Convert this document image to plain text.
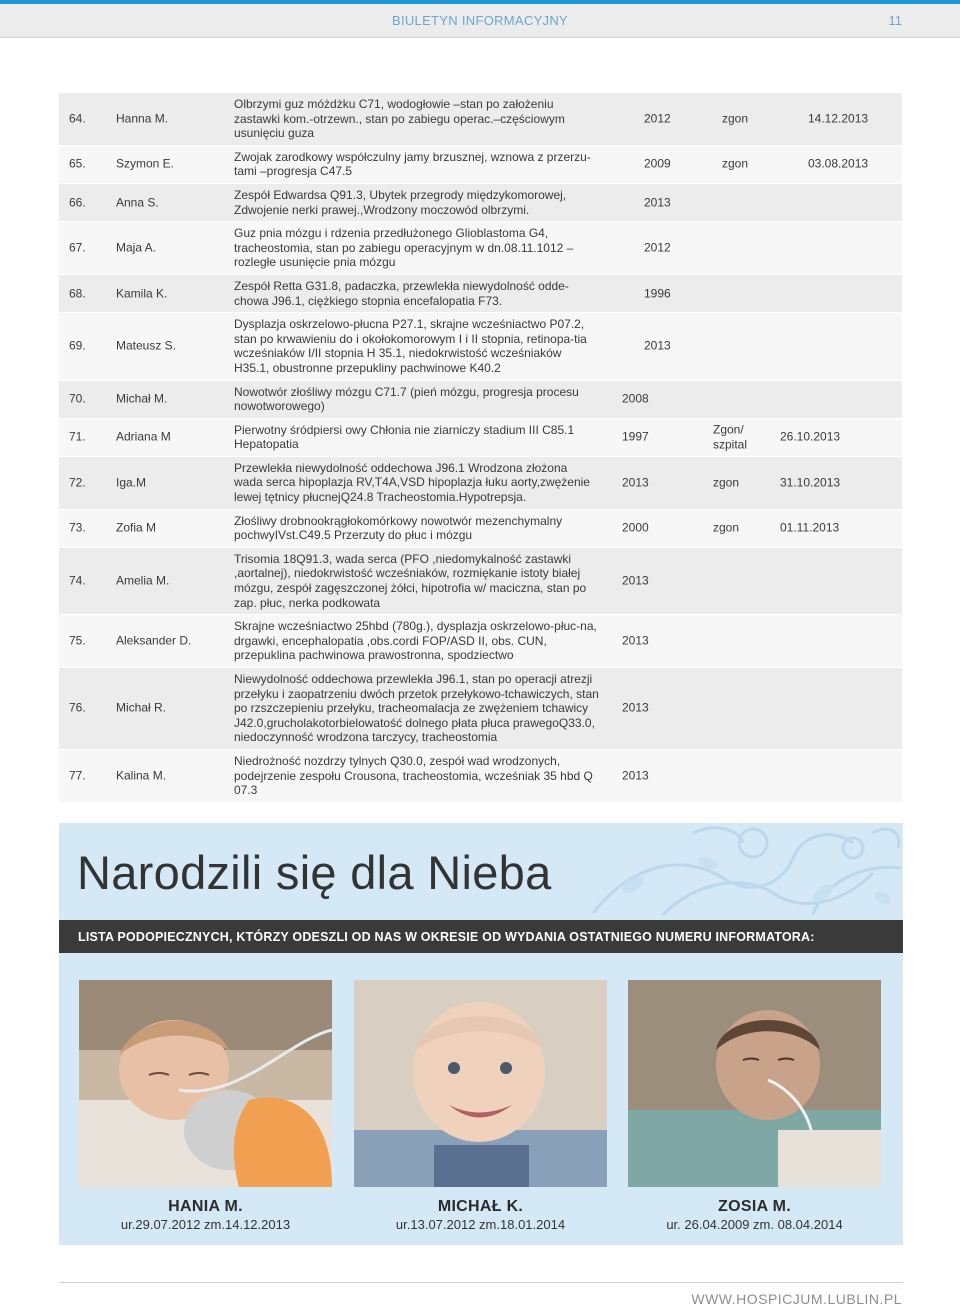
BIULETYN INFORMACYJNY	11
64.	Hanna M.
Olbrzymi guz móżdżku C71, wodogłowie –stan po założeniu zastawki kom.-otrzewn., stan po zabiegu operac.–częściowym usunięciu guza
2012	zgon	14.12.2013
65.	Szymon E.
Zwojak zarodkowy współczulny jamy brzusznej, wznowa z przerzu-tami –progresja C47.5
2009	zgon	03.08.2013
66.	Anna S.
Zespół Edwardsa Q91.3, Ubytek przegrody międzykomorowej, Zdwojenie nerki prawej.,Wrodzony moczowód olbrzymi.
2013
67.	Maja A.
Guz pnia mózgu i rdzenia przedłużonego Glioblastoma G4, tracheostomia, stan po zabiegu operacyjnym w dn.08.11.1012 – rozległe usunięcie pnia mózgu
2012
68.	Kamila K.
Zespół Retta G31.8, padaczka, przewlekła niewydolność odde-chowa J96.1, ciężkiego stopnia encefalopatia F73.
1996
69.	Mateusz S.
Dysplazja oskrzelowo-płucna P27.1, skrajne wcześniactwo P07.2, stan po krwawieniu do i okołokomorowym I i II stopnia, retinopa-tia wcześniaków I/II stopnia H 35.1, niedokrwistość wcześniaków H35.1, obustronne przepukliny pachwinowe K40.2
2013
70.	Michał M.
Nowotwór złośliwy mózgu C71.7 (pień mózgu, progresja procesu nowotworowego)
2008
71.	Adriana M
Pierwotny śródpiersi owy Chłonia nie ziarniczy stadium III C85.1 Hepatopatia
1997
Zgon/ szpital
26.10.2013
72.	Iga.M
Przewlekła niewydolność oddechowa J96.1 Wrodzona złożona wada serca hipoplazja RV,T4A,VSD hipoplazja łuku aorty,zwężenie lewej tętnicy płucnejQ24.8 Tracheostomia.Hypotrepsja.
2013	zgon	31.10.2013
73.	Zofia M
Złośliwy drobnookrągłokomórkowy nowotwór mezenchymalny pochwyIVst.C49.5 Przerzuty do płuc i mózgu
2000	zgon	01.11.2013
74.	Amelia M.
Trisomia 18Q91.3, wada serca (PFO ,niedomykalność zastawki ,aortalnej), niedokrwistość wcześniaków, rozmiękanie istoty białej mózgu, zespół zagęszczonej żółci, hipotrofia w/ maciczna, stan po zap. płuc, nerka podkowata
2013
75.	Aleksander D.
Skrajne wcześniactwo 25hbd (780g.), dysplazja oskrzelowo-płuc-na, drgawki, encephalopatia ,obs.cordi FOP/ASD II, obs. CUN, przepuklina pachwinowa prawostronna, spodziectwo
2013
76.	Michał R.
Niewydolność oddechowa przewlekła J96.1, stan po operacji atrezji przełyku i zaopatrzeniu dwóch przetok przełykowo-tchawiczych, stan po rzszczepieniu przełyku, tracheomalacja ze zwężeniem tchawicy J42.0,grucholakotorbielowatość dolnego płata płuca prawegoQ33.0, niedoczynność wrodzona tarczycy, tracheostomia
2013
77.	Kalina M.
Niedrożność nozdrzy tylnych Q30.0, zespół wad wrodzonych, podejrzenie zespołu Crousona, tracheostomia, wcześniak 35 hbd Q 07.3
2013
Narodzili się dla Nieba
LISTA PODOPIECZNYCH, KTÓRZY ODESZLI OD NAS W OKRESIE OD WYDANIA OSTATNIEGO NUMERU INFORMATORA:
HANIA M.
ur.29.07.2012 zm.14.12.2013
MICHAŁ K.
ur.13.07.2012 zm.18.01.2014
ZOSIA M.
ur. 26.04.2009 zm. 08.04.2014
WWW.HOSPICJUM.LUBLIN.PL
